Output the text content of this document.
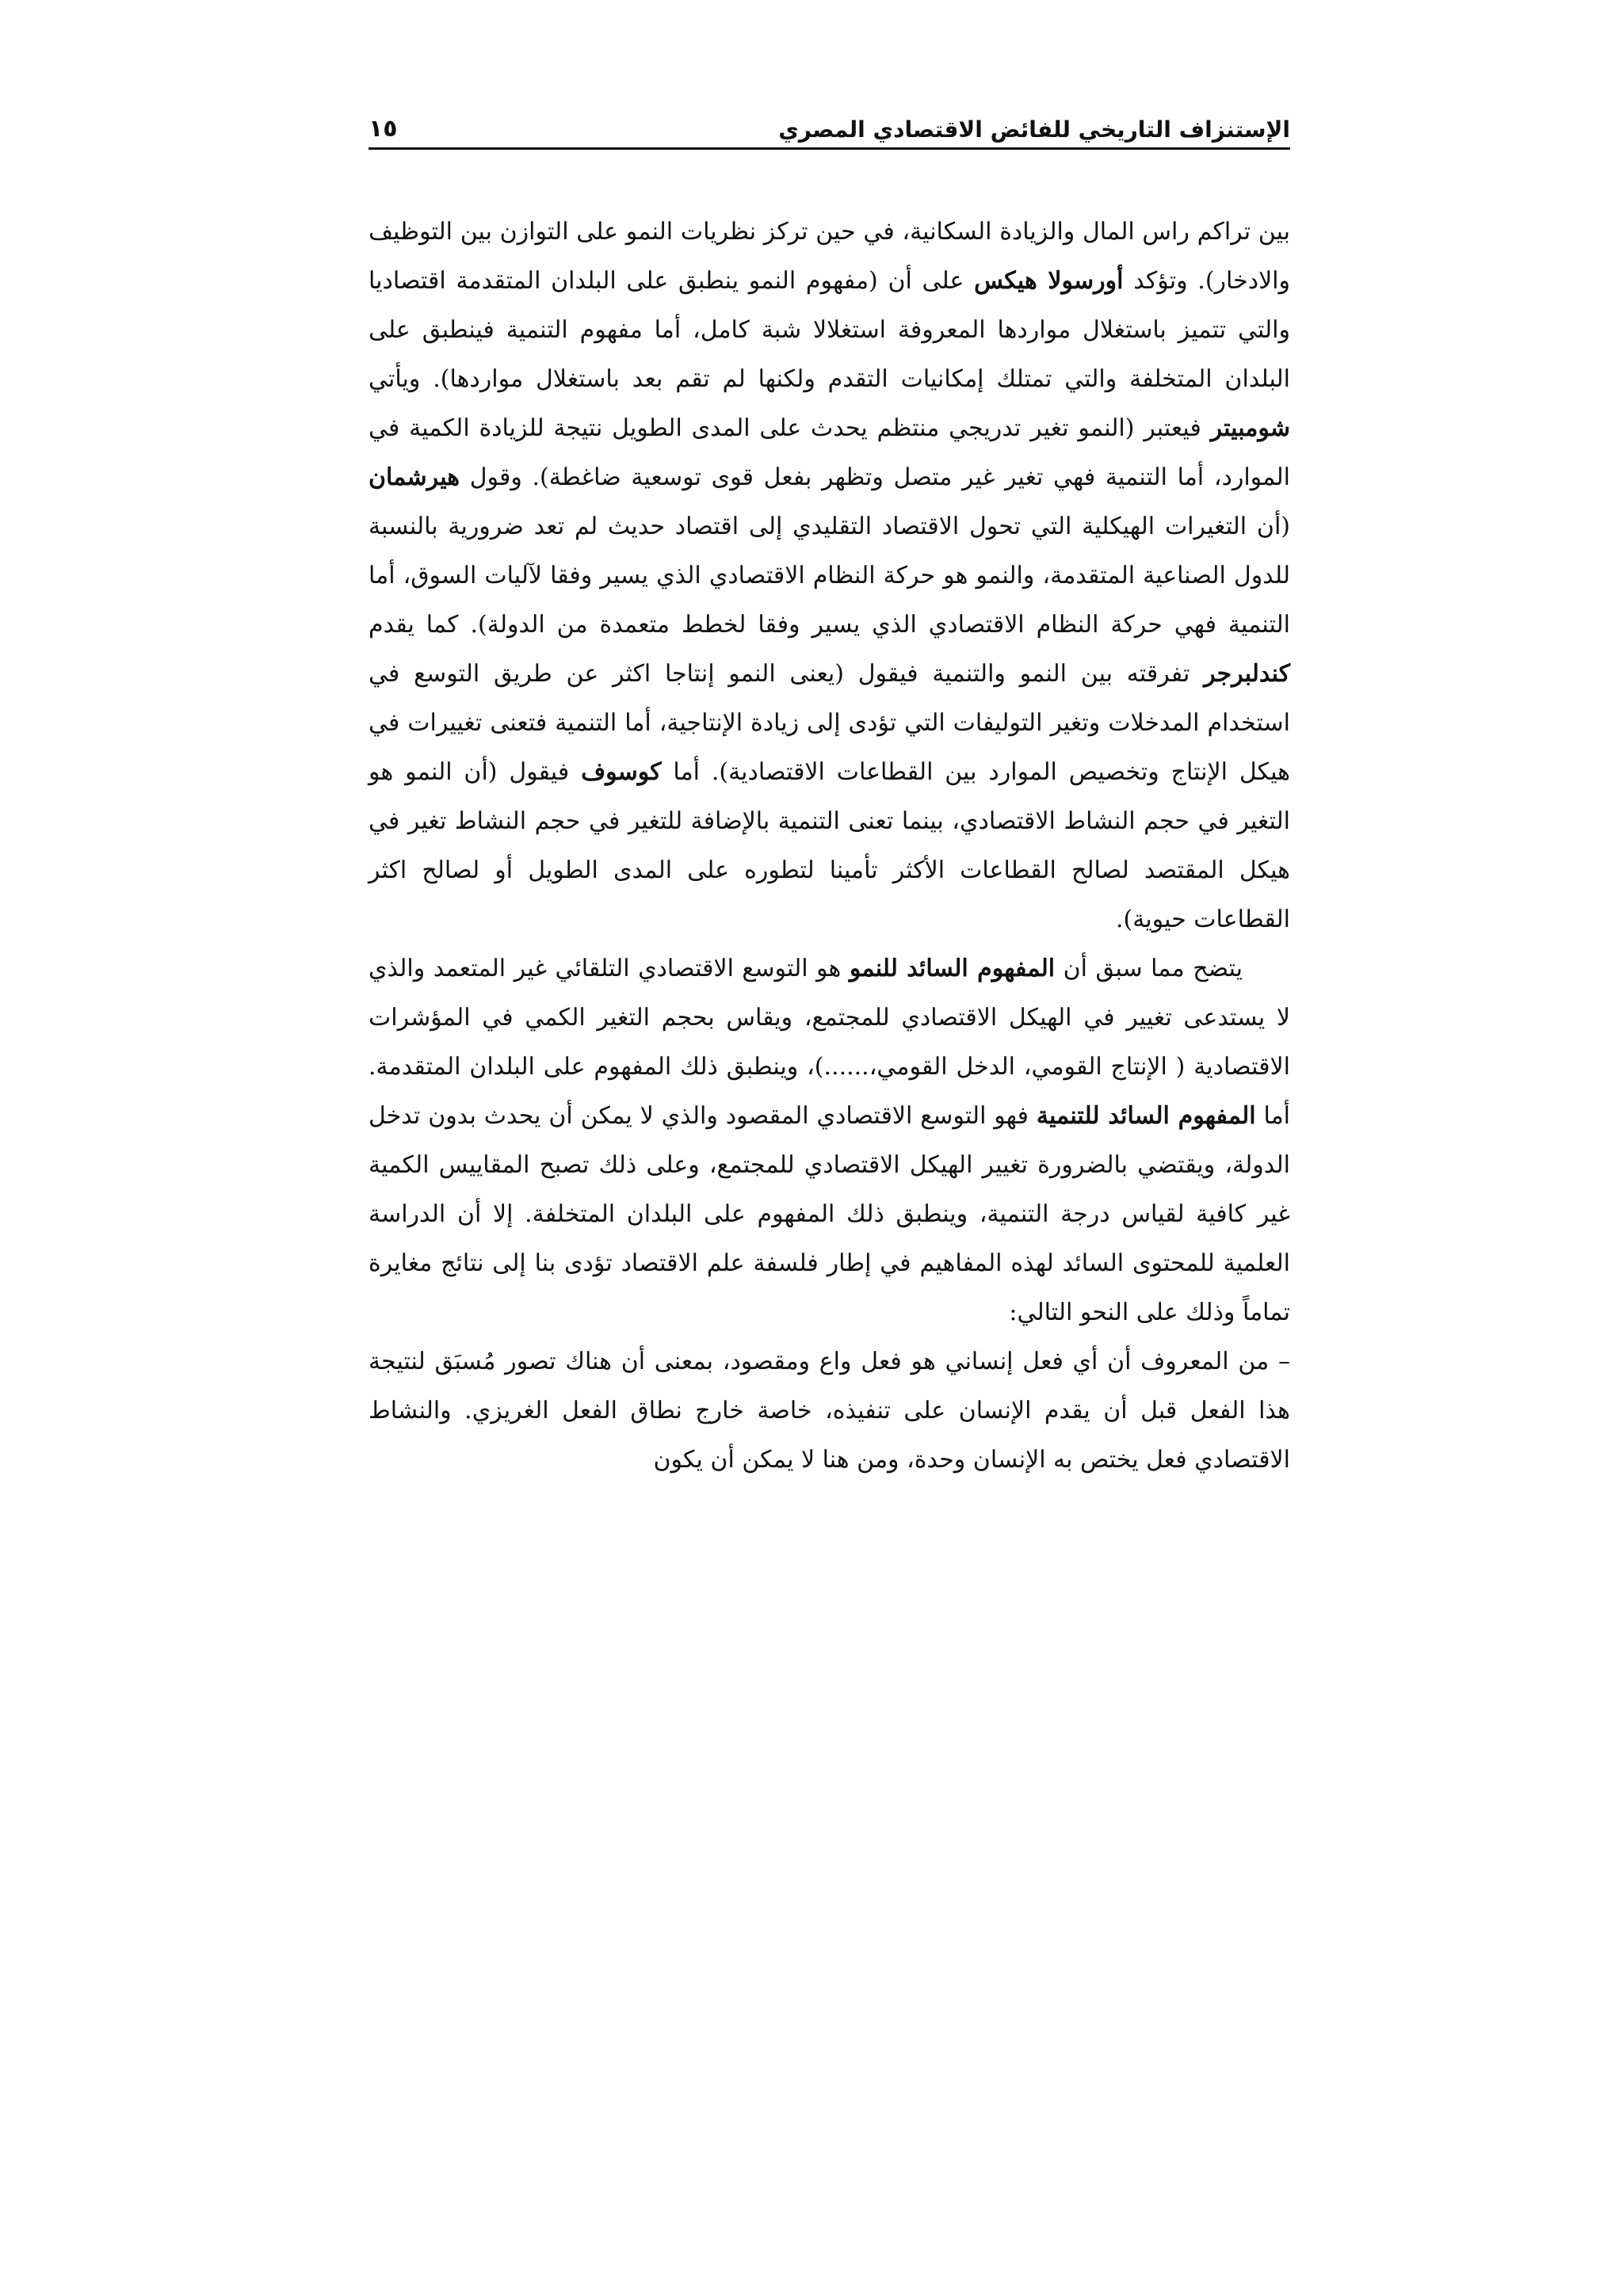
الإستنزاف التاريخي للفائض الاقتصادي المصري
١٥

بين تراكم راس المال والزيادة السكانية، في حين تركز نظريات النمو على التوازن بين التوظيف والادخار). وتؤكد أورسولا هيكس على أن (مفهوم النمو ينطبق على البلدان المتقدمة اقتصاديا والتي تتميز باستغلال مواردها المعروفة استغلالا شبة كامل، أما مفهوم التنمية فينطبق على البلدان المتخلفة والتي تمتلك إمكانيات التقدم ولكنها لم تقم بعد باستغلال مواردها). ويأتي شومبيتر فيعتبر (النمو تغير تدريجي منتظم يحدث على المدى الطويل نتيجة للزيادة الكمية في الموارد، أما التنمية فهي تغير غير متصل وتظهر بفعل قوى توسعية ضاغطة). وقول هيرشمان (أن التغيرات الهيكلية التي تحول الاقتصاد التقليدي إلى اقتصاد حديث لم تعد ضرورية بالنسبة للدول الصناعية المتقدمة، والنمو هو حركة النظام الاقتصادي الذي يسير وفقا لآليات السوق، أما التنمية فهي حركة النظام الاقتصادي الذي يسير وفقا لخطط متعمدة من الدولة). كما يقدم كندلبرجر تفرقته بين النمو والتنمية فيقول (يعنى النمو إنتاجا اكثر عن طريق التوسع في استخدام المدخلات وتغير التوليفات التي تؤدى إلى زيادة الإنتاجية، أما التنمية فتعنى تغييرات في هيكل الإنتاج وتخصيص الموارد بين القطاعات الاقتصادية). أما كوسوف فيقول (أن النمو هو التغير في حجم النشاط الاقتصادي، بينما تعنى التنمية بالإضافة للتغير في حجم النشاط تغير في هيكل المقتصد لصالح القطاعات الأكثر تأمينا لتطوره على المدى الطويل أو لصالح اكثر القطاعات حيوية).

يتضح مما سبق أن المفهوم السائد للنمو هو التوسع الاقتصادي التلقائي غير المتعمد والذي لا يستدعى تغيير في الهيكل الاقتصادي للمجتمع، ويقاس بحجم التغير الكمي في المؤشرات الاقتصادية ( الإنتاج القومي، الدخل القومي،......)، وينطبق ذلك المفهوم على البلدان المتقدمة. أما المفهوم السائد للتنمية فهو التوسع الاقتصادي المقصود والذي لا يمكن أن يحدث بدون تدخل الدولة، ويقتضي بالضرورة تغيير الهيكل الاقتصادي للمجتمع، وعلى ذلك تصبح المقاييس الكمية غير كافية لقياس درجة التنمية، وينطبق ذلك المفهوم على البلدان المتخلفة. إلا أن الدراسة العلمية للمحتوى السائد لهذه المفاهيم في إطار فلسفة علم الاقتصاد تؤدى بنا إلى نتائج مغايرة تماماً وذلك على النحو التالي:

– من المعروف أن أي فعل إنساني هو فعل واع ومقصود، بمعنى أن هناك تصور مُسبَق لنتيجة هذا الفعل قبل أن يقدم الإنسان على تنفيذه، خاصة خارج نطاق الفعل الغريزي. والنشاط الاقتصادي فعل يختص به الإنسان وحدة، ومن هنا لا يمكن أن يكون
